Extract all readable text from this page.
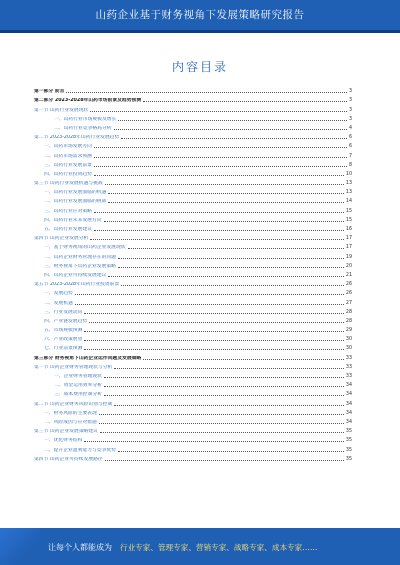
山药企业基于财务视角下发展策略研究报告
内容目录
第一部分 前言	3
第二部分 2023-2028年山药市场前景及趋势预测	3
第一节 山药行业发展现状	3
一、山药行业市场规模及增长	3
二、山药行业竞争格局分析	4
第二节 2023-2028年山药行业发展趋势	6
一、山药市场发展方向	6
二、山药市场需求预测	7
三、山药行业发展前景	8
四、山药行业投资趋势	10
第三节 山药行业发展机遇与挑战	13
一、山药行业发展面临的机遇	13
二、山药行业发展面临的挑战	14
三、山药行业应对策略	15
四、山药行业未来发展方向	15
五、山药行业发展建议	16
第四节 山药企业发展分析	17
一、基于财务视角的山药企业发展现状	17
二、山药企业财务管理存在的问题	19
三、财务视角下山药企业发展策略	20
四、山药企业可持续发展建议	21
第五节 2023-2028年山药行业投资前景	26
一、发展趋势	26
二、发展机遇	27
三、行业发展动向	28
四、产业链发展趋势	28
五、市场规模预测	29
六、产业政策展望	30
七、行业前景预测	30
第三部分 财务视角下山药企业运作问题及发展策略	33
第一节 山药企业财务管理现状与分析	33
一、企业财务管理现状	33
二、资金运用效率分析	34
三、成本费用控制分析	34
第二节 山药企业财务风险识别与控制	34
一、财务风险的主要表现	34
二、风险成因与应对措施	34
第三节 山药企业发展策略建议	35
一、优化财务结构	35
二、提升企业盈利能力与竞争优势	35
第四节 山药企业可持续发展路径	35
让每个人都能成为 行业专家、管理专家、营销专家、战略专家、成本专家……
